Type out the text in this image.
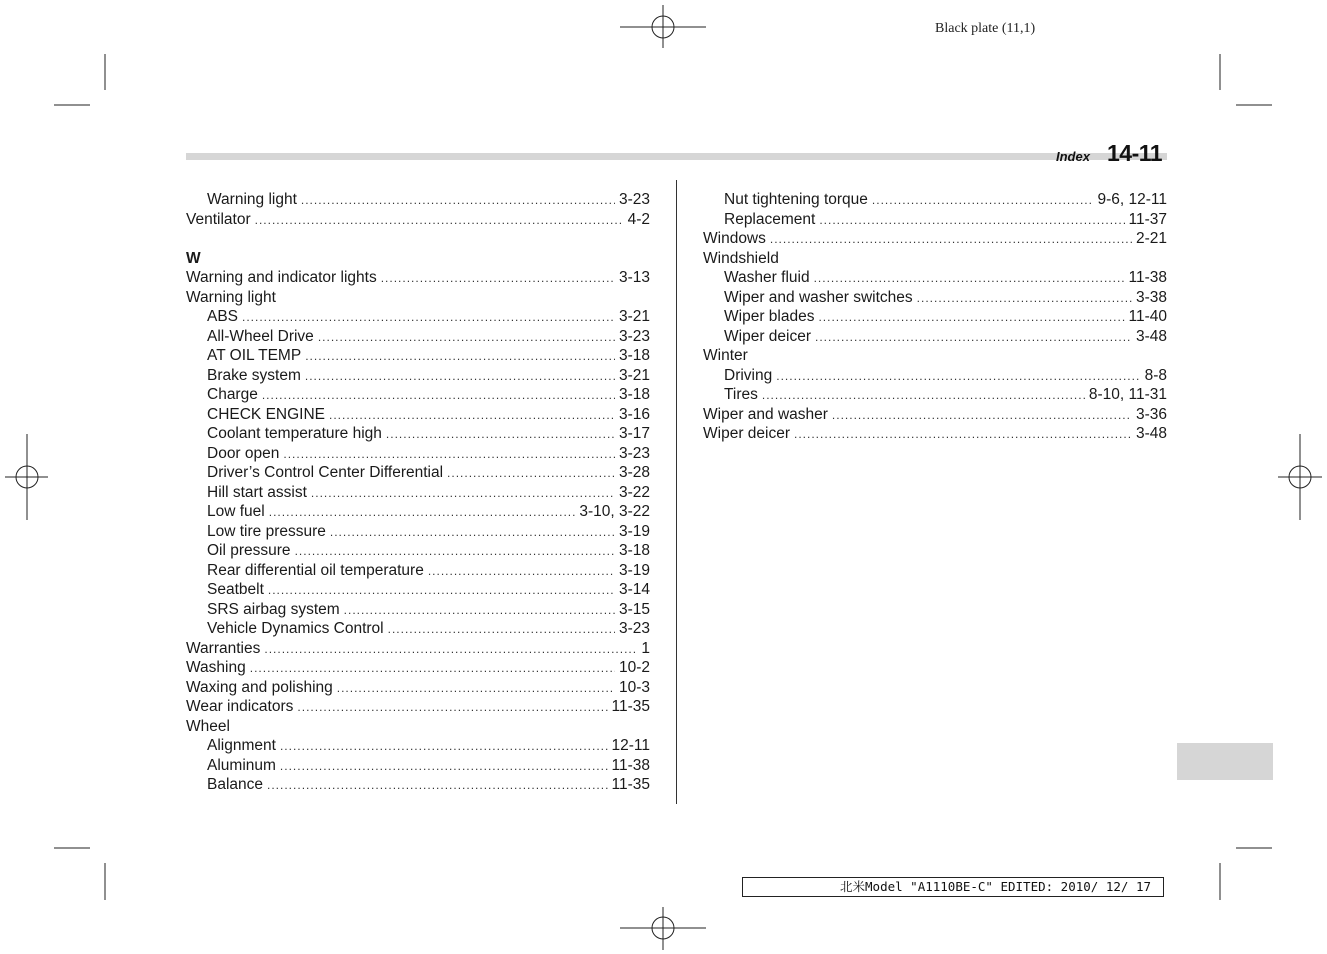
Black plate (11,1)
Index 14-11
Warning light .....	3-23
Ventilator .....	4-2
W
Warning and indicator lights .....	3-13
Warning light
ABS .....	3-21
All-Wheel Drive .....	3-23
AT OIL TEMP .....	3-18
Brake system .....	3-21
Charge .....	3-18
CHECK ENGINE .....	3-16
Coolant temperature high .....	3-17
Door open .....	3-23
Driver’s Control Center Differential .....	3-28
Hill start assist .....	3-22
Low fuel .....	3-10, 3-22
Low tire pressure .....	3-19
Oil pressure .....	3-18
Rear differential oil temperature .....	3-19
Seatbelt .....	3-14
SRS airbag system .....	3-15
Vehicle Dynamics Control .....	3-23
Warranties .....	1
Washing .....	10-2
Waxing and polishing .....	10-3
Wear indicators .....	11-35
Wheel
Alignment .....	12-11
Aluminum .....	11-38
Balance .....	11-35
Nut tightening torque .....	9-6, 12-11
Replacement .....	11-37
Windows .....	2-21
Windshield
Washer fluid .....	11-38
Wiper and washer switches .....	3-38
Wiper blades .....	11-40
Wiper deicer .....	3-48
Winter
Driving .....	8-8
Tires .....	8-10, 11-31
Wiper and washer .....	3-36
Wiper deicer .....	3-48
北米Model "A1110BE-C" EDITED: 2010/ 12/ 17
